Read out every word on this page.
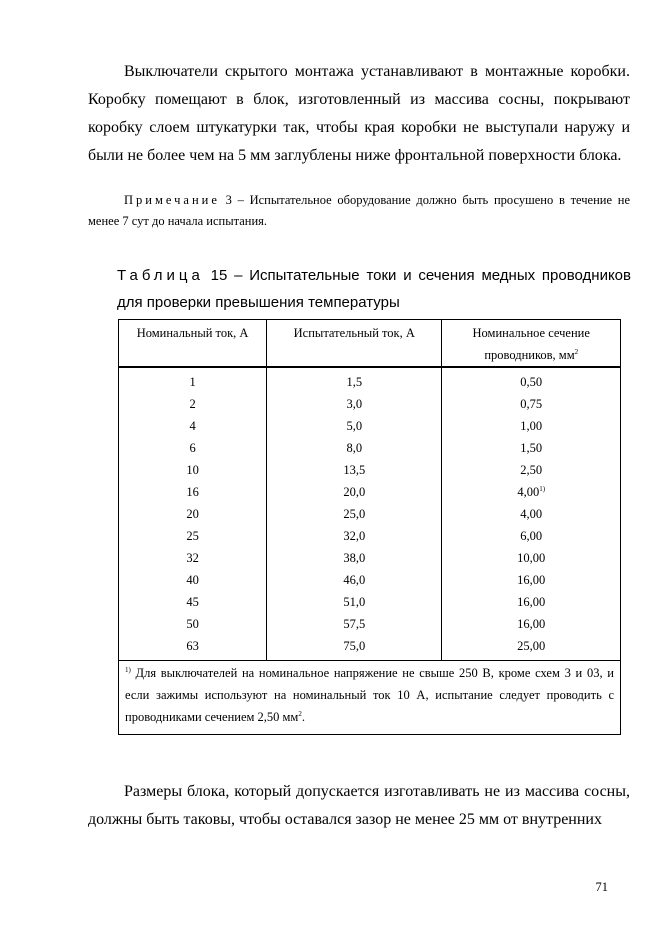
Выключатели скрытого монтажа устанавливают в монтажные коробки. Коробку помещают в блок, изготовленный из массива сосны, покрывают коробку слоем штукатурки так, чтобы края коробки не выступали наружу и были не более чем на 5 мм заглублены ниже фронтальной поверхности блока.

Примечание 3 – Испытательное оборудование должно быть просушено в течение не менее 7 сут до начала испытания.

Таблица 15 – Испытательные токи и сечения медных проводников для проверки превышения температуры

Номинальный ток, А	Испытательный ток, А	Номинальное сечение проводников, $мм^2$
1	1,5	0,50
2	3,0	0,75
4	5,0	1,00
6	8,0	1,50
10	13,5	2,50
16	20,0	4,00$^{1)}$
20	25,0	4,00
25	32,0	6,00
32	38,0	10,00
40	46,0	16,00
45	51,0	16,00
50	57,5	16,00
63	75,0	25,00
$^{1)}$ Для выключателей на номинальное напряжение не свыше 250 В, кроме схем 3 и 03, и если зажимы используют на номинальный ток 10 А, испытание следует проводить с проводниками сечением 2,50 $мм^2$.		

Размеры блока, который допускается изготавливать не из массива сосны, должны быть таковы, чтобы оставался зазор не менее 25 мм от внутренних

71
